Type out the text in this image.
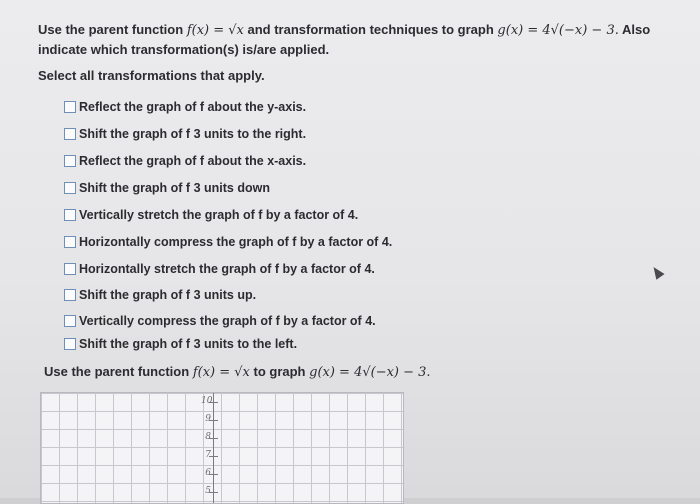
Use the parent function f(x) = √x and transformation techniques to graph g(x) = 4√(−x) − 3. Also indicate which transformation(s) is/are applied.
Select all transformations that apply.
Reflect the graph of f about the y-axis.
Shift the graph of f 3 units to the right.
Reflect the graph of f about the x-axis.
Shift the graph of f 3 units down
Vertically stretch the graph of f by a factor of 4.
Horizontally compress the graph of f by a factor of 4.
Horizontally stretch the graph of f by a factor of 4.
Shift the graph of f 3 units up.
Vertically compress the graph of f by a factor of 4.
Shift the graph of f 3 units to the left.
Use the parent function f(x) = √x to graph g(x) = 4√(−x) − 3.
10
9
8
7
6
5
